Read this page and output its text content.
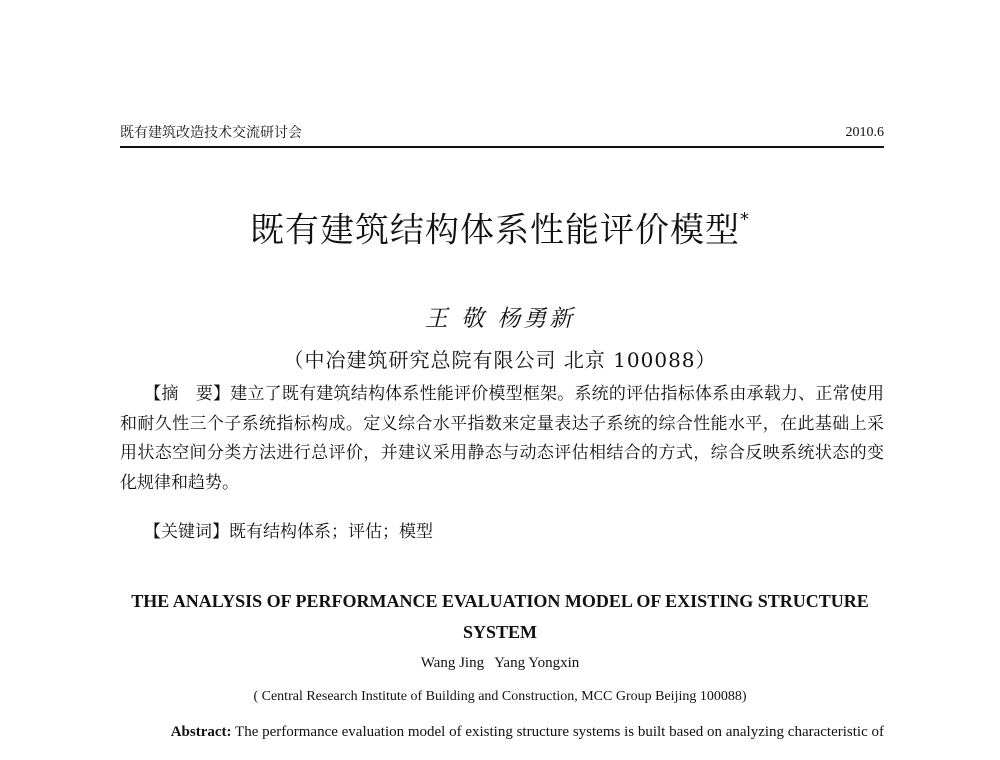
既有建筑改造技术交流研讨会	2010.6
既有建筑结构体系性能评价模型*
王 敬 杨勇新
（中冶建筑研究总院有限公司 北京 100088）
【摘　要】建立了既有建筑结构体系性能评价模型框架。系统的评估指标体系由承载力、正常使用和耐久性三个子系统指标构成。定义综合水平指数来定量表达子系统的综合性能水平，在此基础上采用状态空间分类方法进行总评价，并建议采用静态与动态评估相结合的方式，综合反映系统状态的变化规律和趋势。
【关键词】既有结构体系；评估；模型
THE ANALYSIS OF PERFORMANCE EVALUATION MODEL OF EXISTING STRUCTURE
SYSTEM
Wang Jing Yang Yongxin
( Central Research Institute of Building and Construction, MCC Group Beijing 100088)
Abstract: The performance evaluation model of existing structure systems is built based on analyzing characteristic of
